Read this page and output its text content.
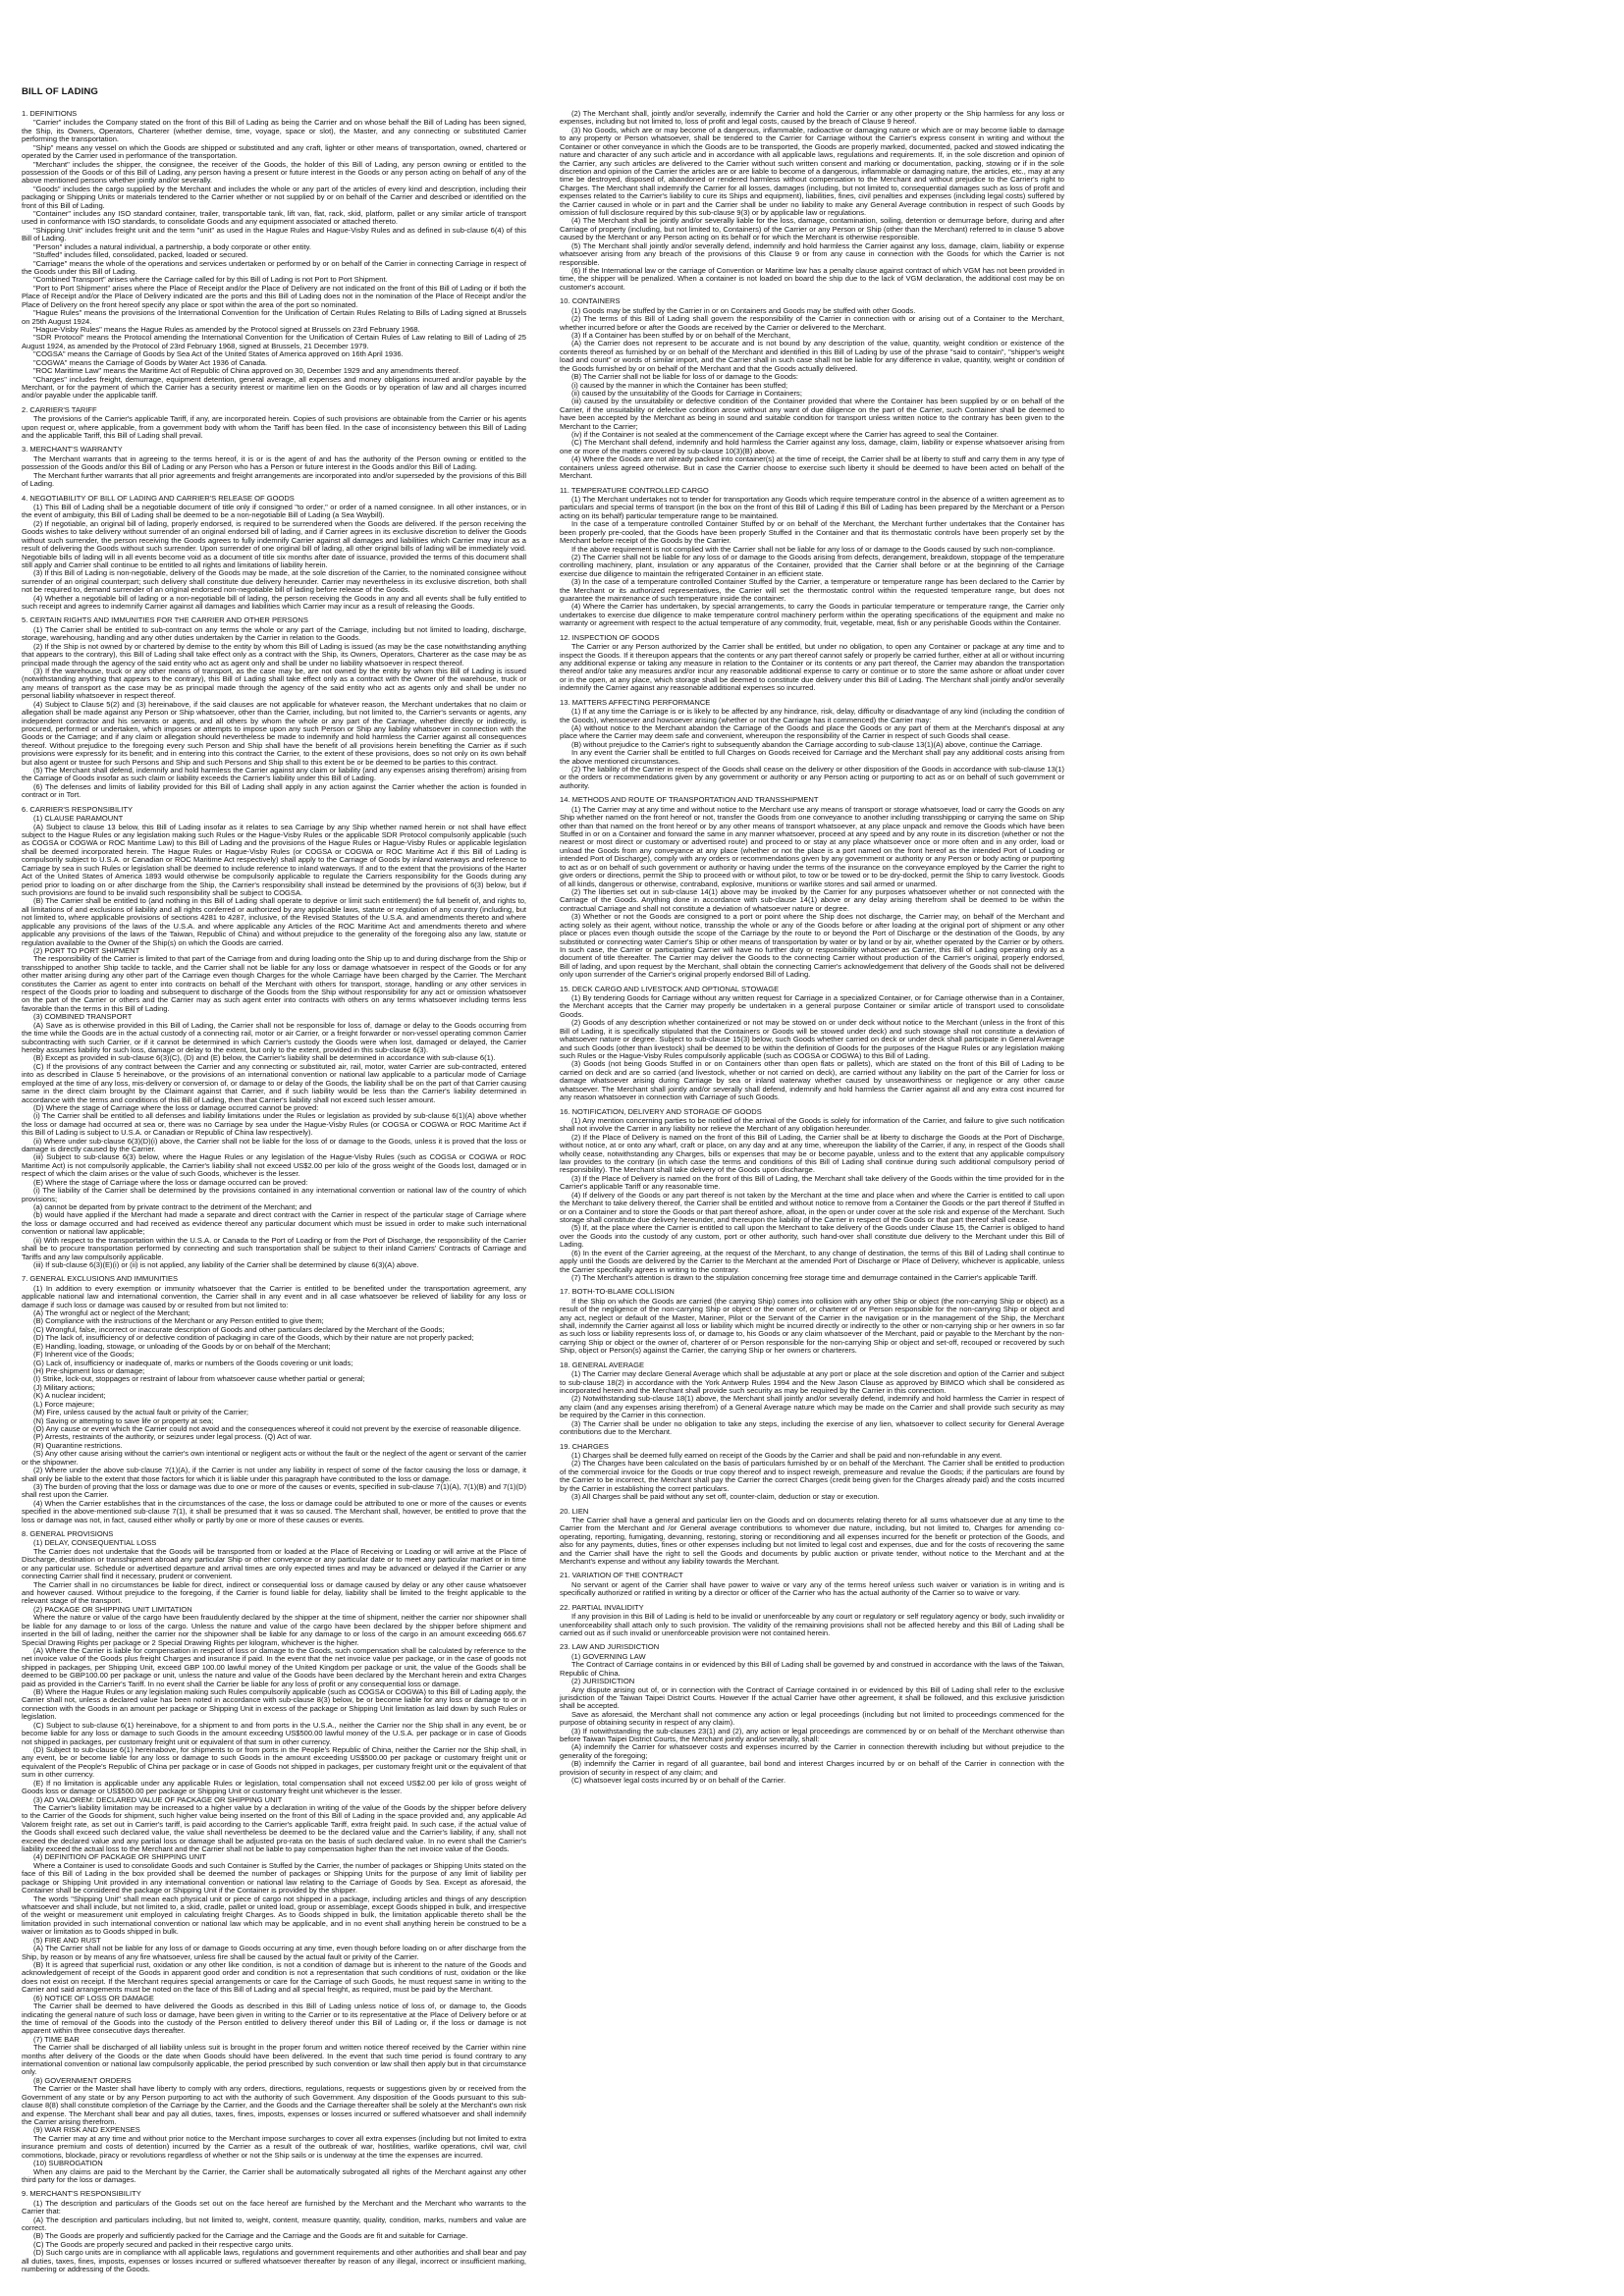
BILL OF LADING
1. DEFINITIONS

"Carrier" includes the Company stated on the front of this Bill of Lading as being the Carrier and on whose behalf the Bill of Lading has been signed, the Ship, its Owners, Operators, Charterer (whether demise, time, voyage, space or slot), the Master, and any connecting or substituted Carrier performing the transportation.

"Ship" means any vessel on which the Goods are shipped or substituted and any craft, lighter or other means of transportation, owned, chartered or operated by the Carrier used in performance of the transportation.

"Merchant" includes the shipper, the consignee, the receiver of the Goods, the holder of this Bill of Lading, any person owning or entitled to the possession of the Goods or of this Bill of Lading, any person having a present or future interest in the Goods or any person acting on behalf of any of the above mentioned persons whether jointly and/or severally.

"Goods" includes the cargo supplied by the Merchant and includes the whole or any part of the articles of every kind and description, including their packaging or Shipping Units or materials tendered to the Carrier whether or not supplied by or on behalf of the Carrier and described or identified on the front of this Bill of Lading.

"Container" includes any ISO standard container, trailer, transportable tank, lift van, flat, rack, skid, platform, pallet or any similar article of transport used in conformance with ISO standards, to consolidate Goods and any equipment associated or attached thereto.

"Shipping Unit" includes freight unit and the term "unit" as used in the Hague Rules and Hague-Visby Rules and as defined in sub-clause 6(4) of this Bill of Lading.

"Person" includes a natural individual, a partnership, a body corporate or other entity.

"Stuffed" includes filled, consolidated, packed, loaded or secured.

"Carriage" means the whole of the operations and services undertaken or performed by or on behalf of the Carrier in connecting Carriage in respect of the Goods under this Bill of Lading.

"Combined Transport" arises where the Carriage called for by this Bill of Lading is not Port to Port Shipment.

"Port to Port Shipment" arises where the Place of Receipt and/or the Place of Delivery are not indicated on the front of this Bill of Lading or if both the Place of Receipt and/or the Place of Delivery indicated are the ports and this Bill of Lading does not in the nomination of the Place of Receipt and/or the Place of Delivery on the front hereof specify any place or spot within the area of the port so nominated.

"Hague Rules" means the provisions of the International Convention for the Unification of Certain Rules Relating to Bills of Lading signed at Brussels on 25th August 1924.

"Hague-Visby Rules" means the Hague Rules as amended by the Protocol signed at Brussels on 23rd February 1968.

"SDR Protocol" means the Protocol amending the International Convention for the Unification of Certain Rules of Law relating to Bill of Lading of 25 August 1924, as amended by the Protocol of 23rd February 1968, signed at Brussels, 21 December 1979.

"COGSA" means the Carriage of Goods by Sea Act of the United States of America approved on 16th April 1936.

"COGWA" means the Carriage of Goods by Water Act 1936 of Canada.

"ROC Maritime Law" means the Maritime Act of Republic of China approved on 30, December 1929 and any amendments thereof.

"Charges" includes freight, demurrage, equipment detention, general average, all expenses and money obligations incurred and/or payable by the Merchant, or for the payment of which the Carrier has a security interest or maritime lien on the Goods or by operation of law and all charges incurred and/or payable under the applicable tariff.

2. CARRIER'S TARIFF

The provisions of the Carrier's applicable Tariff, if any, are incorporated herein. Copies of such provisions are obtainable from the Carrier or his agents upon request or, where applicable, from a government body with whom the Tariff has been filed. In the case of inconsistency between this Bill of Lading and the applicable Tariff, this Bill of Lading shall prevail.

3. MERCHANT'S WARRANTY

The Merchant warrants that in agreeing to the terms hereof, it is or is the agent of and has the authority of the Person owning or entitled to the possession of the Goods and/or this Bill of Lading or any Person who has a Person or future interest in the Goods and/or this Bill of Lading.

The Merchant further warrants that all prior agreements and freight arrangements are incorporated into and/or superseded by the provisions of this Bill of Lading.

4. NEGOTIABILITY OF BILL OF LADING AND CARRIER'S RELEASE OF GOODS

(1) This Bill of Lading shall be a negotiable document of title only if consigned "to order," or order of a named consignee. In all other instances, or in the event of ambiguity, this Bill of Lading shall be deemed to be a non-negotiable Bill of Lading (a Sea Waybill).

(2) If negotiable, an original bill of lading, properly endorsed, is required to be surrendered when the Goods are delivered. If the person receiving the Goods wishes to take delivery without surrender of an original endorsed bill of lading, and if Carrier agrees in its exclusive discretion to deliver the Goods without such surrender, the person receiving the Goods agrees to fully indemnify Carrier against all damages and liabilities which Carrier may incur as a result of delivering the Goods without such surrender. Upon surrender of one original bill of lading, all other original bills of lading will be immediately void. Negotiable bills of lading will in all events become void as a document of title six months after date of issuance, provided the terms of this document shall still apply and Carrier shall continue to be entitled to all rights and limitations of liability herein.

(3) If this Bill of Lading is non-negotiable, delivery of the Goods may be made, at the sole discretion of the Carrier, to the nominated consignee without surrender of an original counterpart; such delivery shall constitute due delivery hereunder. Carrier may nevertheless in its exclusive discretion, both shall not be required to, demand surrender of an original endorsed non-negotiable bill of lading before release of the Goods.

(4) Whether a negotiable bill of lading or a non-negotiable bill of lading, the person receiving the Goods in any and all events shall be fully entitled to such receipt and agrees to indemnify Carrier against all damages and liabilities which Carrier may incur as a result of releasing the Goods.

5. CERTAIN RIGHTS AND IMMUNITIES FOR THE CARRIER AND OTHER PERSONS

(1) The Carrier shall be entitled to sub-contract on any terms the whole or any part of the Carriage, including but not limited to loading, discharge, storage, warehousing, handling and any other duties undertaken by the Carrier in relation to the Goods.

(2) If the Ship is not owned by or chartered by demise to the entity by whom this Bill of Lading is issued (as may be the case notwithstanding anything that appears to the contrary), this Bill of Lading shall take effect only as a contract with the Ship, its Owners, Operators, Charterer as the case may be as principal made through the agency of the said entity who act as agent only and shall be under no liability whatsoever in respect thereof.

(3) If the warehouse, truck or any other means of transport, as the case may be, are not owned by the entity by whom this Bill of Lading is issued (notwithstanding anything that appears to the contrary), this Bill of Lading shall take effect only as a contract with the Owner of the warehouse, truck or any means of transport as the case may be as principal made through the agency of the said entity who act as agents only and shall be under no personal liability whatsoever in respect thereof.

(4) Subject to Clause 5(2) and (3) hereinabove, if the said clauses are not applicable for whatever reason, the Merchant undertakes that no claim or allegation shall be made against any Person or Ship whatsoever, other than the Carrier, including, but not limited to, the Carrier's servants or agents, any independent contractor and his servants or agents, and all others by whom the whole or any part of the Carriage, whether directly or indirectly, is procured, performed or undertaken, which imposes or attempts to impose upon any such Person or Ship any liability whatsoever in connection with the Goods or the Carriage; and if any claim or allegation should nevertheless be made to indemnify and hold harmless the Carrier against all consequences thereof. Without prejudice to the foregoing every such Person and Ship shall have the benefit of all provisions herein benefiting the Carrier as if such provisions were expressly for its benefit; and in entering into this contract the Carrier, to the extent of these provisions, does so not only on its own behalf but also agent or trustee for such Persons and Ship and such Persons and Ship shall to this extent be or be deemed to be parties to this contract.

(5) The Merchant shall defend, indemnify and hold harmless the Carrier against any claim or liability (and any expenses arising therefrom) arising from the Carriage of Goods insofar as such claim or liability exceeds the Carrier's liability under this Bill of Lading.

(6) The defenses and limits of liability provided for this Bill of Lading shall apply in any action against the Carrier whether the action is founded in contract or in Tort.

6. CARRIER'S RESPONSIBILITY

(1) CLAUSE PARAMOUNT

(A) Subject to clause 13 below, this Bill of Lading insofar as it relates to sea Carriage by any Ship whether named herein or not shall have effect subject to the Hague Rules or any legislation making such Rules or the Hague-Visby Rules or the applicable SDR Protocol compulsorily applicable (such as COGSA or COGWA or ROC Maritime Law) to this Bill of Lading and the provisions of the Hague Rules or Hague-Visby Rules or applicable legislation shall be deemed incorporated herein. The Hague Rules or Hague-Visby Rules (or COGSA or COGWA or ROC Maritime Act if this Bill of Lading is compulsorily subject to U.S.A. or Canadian or ROC Maritime Act respectively) shall apply to the Carriage of Goods by inland waterways and reference to Carriage by sea in such Rules or legislation shall be deemed to include reference to inland waterways. If and to the extent that the provisions of the Harter Act of the United States of America 1893 would otherwise be compulsorily applicable to regulate the Carriers responsibility for the Goods during any period prior to loading on or after discharge from the Ship, the Carrier's responsibility shall instead be determined by the provisions of 6(3) below, but if such provisions are found to be invalid such responsibility shall be subject to COGSA.

(B) The Carrier shall be entitled to (and nothing in this Bill of Lading shall operate to deprive or limit such entitlement) the full benefit of, and rights to, all limitations of and exclusions of liability and all rights conferred or authorized by any applicable laws, statute or regulation of any country (including, but not limited to, where applicable provisions of sections 4281 to 4287, inclusive, of the Revised Statutes of the U.S.A. and amendments thereto and where applicable any provisions of the laws of the U.S.A. and where applicable any Articles of the ROC Maritime Act and amendments thereto and where applicable any provisions of the laws of the Taiwan, Republic of China) and without prejudice to the generality of the foregoing also any law, statute or regulation available to the Owner of the Ship(s) on which the Goods are carried.

(2) PORT TO PORT SHIPMENT

The responsibility of the Carrier is limited to that part of the Carriage from and during loading onto the Ship up to and during discharge from the Ship or transshipped to another Ship tackle to tackle, and the Carrier shall not be liable for any loss or damage whatsoever in respect of the Goods or for any other matter arising during any other part of the Carriage even though Charges for the whole Carriage have been charged by the Carrier. The Merchant constitutes the Carrier as agent to enter into contracts on behalf of the Merchant with others for transport, storage, handling or any other services in respect of the Goods prior to loading and subsequent to discharge of the Goods from the Ship without responsibility for any act or omission whatsoever on the part of the Carrier or others and the Carrier may as such agent enter into contracts with others on any terms whatsoever including terms less favorable than the terms in this Bill of Lading.

(3) COMBINED TRANSPORT

(A) Save as is otherwise provided in this Bill of Lading, the Carrier shall not be responsible for loss of, damage or delay to the Goods occurring from the time while the Goods are in the actual custody of a connecting rail, motor or air Carrier, or a freight forwarder or non-vessel operating common Carrier subcontracting with such Carrier, or if it cannot be determined in which Carrier's custody the Goods were when lost, damaged or delayed, the Carrier hereby assumes liability for such loss, damage or delay to the extent, but only to the extent, provided in this sub-clause 6(3).

(B) Except as provided in sub-clause 6(3)(C), (D) and (E) below, the Carrier's liability shall be determined in accordance with sub-clause 6(1).

(C) If the provisions of any contract between the Carrier and any connecting or substituted air, rail, motor, water Carrier are sub-contracted, entered into as described in Clause 5 hereinabove, or the provisions of an international convention or national law applicable to a particular mode of Carriage employed at the time of any loss, mis-delivery or conversion of, or damage to or delay of the Goods, the liability shall be on the part of that Carrier causing same in the direct claim brought by the Claimant against that Carrier, and if such liability would be less than the Carrier's liability determined in accordance with the terms and conditions of this Bill of Lading, then that Carrier's liability shall not exceed such lesser amount.

(D) Where the stage of Carriage where the loss or damage occurred cannot be proved:

(i) The Carrier shall be entitled to all defenses and liability limitations under the Rules or legislation as provided by sub-clause 6(1)(A) above whether the loss or damage had occurred at sea or, there was no Carriage by sea under the Hague-Visby Rules (or COGSA or COGWA or ROC Maritime Act if this Bill of Lading is subject to U.S.A. or Canadian or Republic of China law respectively).

(ii) Where under sub-clause 6(3)(D)(i) above, the Carrier shall not be liable for the loss of or damage to the Goods, unless it is proved that the loss or damage is directly caused by the Carrier.

(iii) Subject to sub-clause 6(3) below, where the Hague Rules or any legislation of the Hague-Visby Rules (such as COGSA or COGWA or ROC Maritime Act) is not compulsorily applicable, the Carrier's liability shall not exceed US$2.00 per kilo of the gross weight of the Goods lost, damaged or in respect of which the claim arises or the value of such Goods, whichever is the lesser.

(E) Where the stage of Carriage where the loss or damage occurred can be proved:

(i) The liability of the Carrier shall be determined by the provisions contained in any international convention or national law of the country of which provisions;

(a) cannot be departed from by private contract to the detriment of the Merchant; and

(b) would have applied if the Merchant had made a separate and direct contract with the Carrier in respect of the particular stage of Carriage where the loss or damage occurred and had received as evidence thereof any particular document which must be issued in order to make such international convention or national law applicable;

(ii) With respect to the transportation within the U.S.A. or Canada to the Port of Loading or from the Port of Discharge, the responsibility of the Carrier shall be to procure transportation performed by connecting and such transportation shall be subject to their inland Carriers' Contracts of Carriage and Tariffs and any law compulsorily applicable.

(iii) If sub-clause 6(3)(E)(i) or (ii) is not applied, any liability of the Carrier shall be determined by clause 6(3)(A) above.

7. GENERAL EXCLUSIONS AND IMMUNITIES

(1) In addition to every exemption or immunity whatsoever that the Carrier is entitled to be benefited under the transportation agreement, any applicable national law and international convention, the Carrier shall in any event and in all case whatsoever be relieved of liability for any loss or damage if such loss or damage was caused by or resulted from but not limited to:

(A) The wrongful act or neglect of the Merchant;

(B) Compliance with the instructions of the Merchant or any Person entitled to give them;

(C) Wrongful, false, incorrect or inaccurate description of Goods and other particulars declared by the Merchant of the Goods;

(D) The lack of, insufficiency of or defective condition of packaging in care of the Goods, which by their nature are not properly packed;

(E) Handling, loading, stowage, or unloading of the Goods by or on behalf of the Merchant;

(F) Inherent vice of the Goods;

(G) Lack of, insufficiency or inadequate of, marks or numbers of the Goods covering or unit loads;

(H) Pre-shipment loss or damage;

(I) Strike, lock-out, stoppages or restraint of labour from whatsoever cause whether partial or general;

(J) Military actions;

(K) A nuclear incident;

(L) Force majeure;

(M) Fire, unless caused by the actual fault or privity of the Carrier;

(N) Saving or attempting to save life or property at sea;

(O) Any cause or event which the Carrier could not avoid and the consequences whereof it could not prevent by the exercise of reasonable diligence.

(P) Arrests, restraints of the authority, or seizures under legal process. (Q) Act of war.

(R) Quarantine restrictions.

(S) Any other cause arising without the carrier's own intentional or negligent acts or without the fault or the neglect of the agent or servant of the carrier or the shipowner.

(2) Where under the above sub-clause 7(1)(A), if the Carrier is not under any liability in respect of some of the factor causing the loss or damage, it shall only be liable to the extent that those factors for which it is liable under this paragraph have contributed to the loss or damage.

(3) The burden of proving that the loss or damage was due to one or more of the causes or events, specified in sub-clause 7(1)(A), 7(1)(B) and 7(1)(D) shall rest upon the Carrier.

(4) When the Carrier establishes that in the circumstances of the case, the loss or damage could be attributed to one or more of the causes or events specified in the above-mentioned sub-clause 7(1), it shall be presumed that it was so caused. The Merchant shall, however, be entitled to prove that the loss or damage was not, in fact, caused either wholly or partly by one or more of these causes or events.

8. GENERAL PROVISIONS

(1) DELAY, CONSEQUENTIAL LOSS

The Carrier does not undertake that the Goods will be transported from or loaded at the Place of Receiving or Loading or will arrive at the Place of Discharge, destination or transshipment abroad any particular Ship or other conveyance or any particular date or to meet any particular market or in time or any particular use. Schedule or advertised departure and arrival times are only expected times and may be advanced or delayed if the Carrier or any connecting Carrier shall find it necessary, prudent or convenient.

The Carrier shall in no circumstances be liable for direct, indirect or consequential loss or damage caused by delay or any other cause whatsoever and however caused. Without prejudice to the foregoing, if the Carrier is found liable for delay, liability shall be limited to the freight applicable to the relevant stage of the transport.

(2) PACKAGE OR SHIPPING UNIT LIMITATION

Where the nature or value of the cargo have been fraudulently declared by the shipper at the time of shipment, neither the carrier nor shipowner shall be liable for any damage to or loss of the cargo. Unless the nature and value of the cargo have been declared by the shipper before shipment and inserted in the bill of lading, neither the carrier nor the shipowner shall be liable for any damage to or loss of the cargo in an amount exceeding 666.67 Special Drawing Rights per package or 2 Special Drawing Rights per kilogram, whichever is the higher.

(A) Where the Carrier is liable for compensation in respect of loss or damage to the Goods, such compensation shall be calculated by reference to the net invoice value of the Goods plus freight Charges and insurance if paid. In the event that the net invoice value per package, or in the case of goods not shipped in packages, per Shipping Unit, exceed GBP 100.00 lawful money of the United Kingdom per package or unit, the value of the Goods shall be deemed to be GBP100.00 per package or unit, unless the nature and value of the Goods have been declared by the Merchant herein and extra Charges paid as provided in the Carrier's Tariff. In no event shall the Carrier be liable for any loss of profit or any consequential loss or damage.

(B) Where the Hague Rules or any legislation making such Rules compulsorily applicable (such as COGSA or COGWA) to this Bill of Lading apply, the Carrier shall not, unless a declared value has been noted in accordance with sub-clause 8(3) below, be or become liable for any loss or damage to or in connection with the Goods in an amount per package or Shipping Unit in excess of the package or Shipping Unit limitation as laid down by such Rules or legislation.

(C) Subject to sub-clause 6(1) hereinabove, for a shipment to and from ports in the U.S.A., neither the Carrier nor the Ship shall in any event, be or become liable for any loss or damage to such Goods in the amount exceeding US$500.00 lawful money of the U.S.A. per package or in case of Goods not shipped in packages, per customary freight unit or equivalent of that sum in other currency.

(D) Subject to sub-clause 6(1) hereinabove, for shipments to or from ports in the People's Republic of China, neither the Carrier nor the Ship shall, in any event, be or become liable for any loss or damage to such Goods in the amount exceeding US$500.00 per package or customary freight unit or equivalent of the People's Republic of China per package or in case of Goods not shipped in packages, per customary freight unit or the equivalent of that sum in other currency.

(E) If no limitation is applicable under any applicable Rules or legislation, total compensation shall not exceed US$2.00 per kilo of gross weight of Goods loss or damage or US$500.00 per package or Shipping Unit or customary freight unit whichever is the lesser.

(3) AD VALOREM: DECLARED VALUE OF PACKAGE OR SHIPPING UNIT

The Carrier's liability limitation may be increased to a higher value by a declaration in writing of the value of the Goods by the shipper before delivery to the Carrier of the Goods for shipment, such higher value being inserted on the front of this Bill of Lading in the space provided and, any applicable Ad Valorem freight rate, as set out in Carrier's tariff, is paid according to the Carrier's applicable Tariff, extra freight paid. In such case, if the actual value of the Goods shall exceed such declared value, the value shall nevertheless be deemed to be the declared value and the Carrier's liability, if any, shall not exceed the declared value and any partial loss or damage shall be adjusted pro-rata on the basis of such declared value. In no event shall the Carrier's liability exceed the actual loss to the Merchant and the Carrier shall not be liable to pay compensation higher than the net invoice value of the Goods.

(4) DEFINITION OF PACKAGE OR SHIPPING UNIT

Where a Container is used to consolidate Goods and such Container is Stuffed by the Carrier, the number of packages or Shipping Units stated on the face of this Bill of Lading in the box provided shall be deemed the number of packages or Shipping Units for the purpose of any limit of liability per package or Shipping Unit provided in any international convention or national law relating to the Carriage of Goods by Sea. Except as aforesaid, the Container shall be considered the package or Shipping Unit if the Container is provided by the shipper.

The words "Shipping Unit" shall mean each physical unit or piece of cargo not shipped in a package, including articles and things of any description whatsoever and shall include, but not limited to, a skid, cradle, pallet or united load, group or assemblage, except Goods shipped in bulk, and irrespective of the weight or measurement unit employed in calculating freight Charges. As to Goods shipped in bulk, the limitation applicable thereto shall be the limitation provided in such international convention or national law which may be applicable, and in no event shall anything herein be construed to be a waiver or limitation as to Goods shipped in bulk.

(5) FIRE AND RUST

(A) The Carrier shall not be liable for any loss of or damage to Goods occurring at any time, even though before loading on or after discharge from the Ship, by reason or by means of any fire whatsoever, unless fire shall be caused by the actual fault or privity of the Carrier.

(B) It is agreed that superficial rust, oxidation or any other like condition, is not a condition of damage but is inherent to the nature of the Goods and acknowledgement of receipt of the Goods in apparent good order and condition is not a representation that such conditions of rust, oxidation or the like does not exist on receipt. If the Merchant requires special arrangements or care for the Carriage of such Goods, he must request same in writing to the Carrier and said arrangements must be noted on the face of this Bill of Lading and all special freight, as required, must be paid by the Merchant.

(6) NOTICE OF LOSS OR DAMAGE

The Carrier shall be deemed to have delivered the Goods as described in this Bill of Lading unless notice of loss of, or damage to, the Goods indicating the general nature of such loss or damage, have been given in writing to the Carrier or to its representative at the Place of Delivery before or at the time of removal of the Goods into the custody of the Person entitled to delivery thereof under this Bill of Lading or, if the loss or damage is not apparent within three consecutive days thereafter.

(7) TIME BAR

The Carrier shall be discharged of all liability unless suit is brought in the proper forum and written notice thereof received by the Carrier within nine months after delivery of the Goods or the date when Goods should have been delivered. In the event that such time period is found contrary to any international convention or national law compulsorily applicable, the period prescribed by such convention or law shall then apply but in that circumstance only.

(8) GOVERNMENT ORDERS

The Carrier or the Master shall have liberty to comply with any orders, directions, regulations, requests or suggestions given by or received from the Government of any state or by any Person purporting to act with the authority of such Government. Any disposition of the Goods pursuant to this sub-clause 8(8) shall constitute completion of the Carriage by the Carrier, and the Goods and the Carriage thereafter shall be solely at the Merchant's own risk and expense. The Merchant shall bear and pay all duties, taxes, fines, imposts, expenses or losses incurred or suffered whatsoever and shall indemnify the Carrier arising therefrom.

(9) WAR RISK AND EXPENSES

The Carrier may at any time and without prior notice to the Merchant impose surcharges to cover all extra expenses (including but not limited to extra insurance premium and costs of detention) incurred by the Carrier as a result of the outbreak of war, hostilities, warlike operations, civil war, civil commotions, blockade, piracy or revolutions regardless of whether or not the Ship sails or is underway at the time the expenses are incurred.

(10) SUBROGATION

When any claims are paid to the Merchant by the Carrier, the Carrier shall be automatically subrogated all rights of the Merchant against any other third party for the loss or damages.

9. MERCHANT'S RESPONSIBILITY

(1) The description and particulars of the Goods set out on the face hereof are furnished by the Merchant and the Merchant who warrants to the Carrier that:

(A) The description and particulars including, but not limited to, weight, content, measure quantity, quality, condition, marks, numbers and value are correct.

(B) The Goods are properly and sufficiently packed for the Carriage and the Carriage and the Goods are fit and suitable for Carriage.

(C) The Goods are properly secured and packed in their respective cargo units.

(D) Such cargo units are in compliance with all applicable laws, regulations and government requirements and other authorities and shall bear and pay all duties, taxes, fines, imposts, expenses or losses incurred or suffered whatsoever thereafter by reason of any illegal, incorrect or insufficient marking, numbering or addressing of the Goods.

(2) The Merchant shall, jointly and/or severally, indemnify the Carrier and hold the Carrier or any other property or the Ship harmless for any loss or expenses, including but not limited to, loss of profit and legal costs, caused by the breach of Clause 9 hereof.

(3) No Goods, which are or may become of a dangerous, inflammable, radioactive or damaging nature or which are or may become liable to damage to any property or Person whatsoever, shall be tendered to the Carrier for Carriage without the Carrier's express consent in writing and without the Container or other conveyance in which the Goods are to be transported, the Goods are properly marked, documented, packed and stowed indicating the nature and character of any such article and in accordance with all applicable laws, regulations and requirements. If, in the sole discretion and opinion of the Carrier, any such articles are delivered to the Carrier without such written consent and marking or documentation, packing, stowing or if in the sole discretion and opinion of the Carrier the articles are or are liable to become of a dangerous, inflammable or damaging nature, the articles, etc., may at any time be destroyed, disposed of, abandoned or rendered harmless without compensation to the Merchant and without prejudice to the Carrier's right to Charges. The Merchant shall indemnify the Carrier for all losses, damages (including, but not limited to, consequential damages such as loss of profit and expenses related to the Carrier's liability to cure its Ships and equipment), liabilities, fines, civil penalties and expenses (including legal costs) suffered by the Carrier caused in whole or in part and the Carrier shall be under no liability to make any General Average contribution in respect of such Goods by omission of full disclosure required by this sub-clause 9(3) or by applicable law or regulations.

(4) The Merchant shall be jointly and/or severally liable for the loss, damage, contamination, soiling, detention or demurrage before, during and after Carriage of property (including, but not limited to, Containers) of the Carrier or any Person or Ship (other than the Merchant) referred to in clause 5 above caused by the Merchant or any Person acting on its behalf or for which the Merchant is otherwise responsible.

(5) The Merchant shall jointly and/or severally defend, indemnify and hold harmless the Carrier against any loss, damage, claim, liability or expense whatsoever arising from any breach of the provisions of this Clause 9 or from any cause in connection with the Goods for which the Carrier is not responsible.

(6) If the International law or the carriage of Convention or Maritime law has a penalty clause against contract of which VGM has not been provided in time, the shipper will be penalized. When a container is not loaded on board the ship due to the lack of VGM declaration, the additional cost may be on customer's account.

10. CONTAINERS

(1) Goods may be stuffed by the Carrier in or on Containers and Goods may be stuffed with other Goods.

(2) The terms of this Bill of Lading shall govern the responsibility of the Carrier in connection with or arising out of a Container to the Merchant, whether incurred before or after the Goods are received by the Carrier or delivered to the Merchant.

(3) If a Container has been stuffed by or on behalf of the Merchant,

(A) the Carrier does not represent to be accurate and is not bound by any description of the value, quantity, weight condition or existence of the contents thereof as furnished by or on behalf of the Merchant and identified in this Bill of Lading by use of the phrase "said to contain", "shipper's weight load and count" or words of similar import, and the Carrier shall in such case shall not be liable for any difference in value, quantity, weight or condition of the Goods furnished by or on behalf of the Merchant and that the Goods actually delivered.

(B) The Carrier shall not be liable for loss of or damage to the Goods:

(i) caused by the manner in which the Container has been stuffed;

(ii) caused by the unsuitability of the Goods for Carriage in Containers;

(iii) caused by the unsuitability or defective condition of the Container provided that where the Container has been supplied by or on behalf of the Carrier, if the unsuitability or defective condition arose without any want of due diligence on the part of the Carrier, such Container shall be deemed to have been accepted by the Merchant as being in sound and suitable condition for transport unless written notice to the contrary has been given to the Merchant to the Carrier;

(iv) if the Container is not sealed at the commencement of the Carriage except where the Carrier has agreed to seal the Container.

(C) The Merchant shall defend, indemnify and hold harmless the Carrier against any loss, damage, claim, liability or expense whatsoever arising from one or more of the matters covered by sub-clause 10(3)(B) above.

(4) Where the Goods are not already packed into container(s) at the time of receipt, the Carrier shall be at liberty to stuff and carry them in any type of containers unless agreed otherwise. But in case the Carrier choose to exercise such liberty it should be deemed to have been acted on behalf of the Merchant.

11. TEMPERATURE CONTROLLED CARGO

(1) The Merchant undertakes not to tender for transportation any Goods which require temperature control in the absence of a written agreement as to particulars and special terms of transport (in the box on the front of this Bill of Lading if this Bill of Lading has been prepared by the Merchant or a Person acting on its behalf) particular temperature range to be maintained.

In the case of a temperature controlled Container Stuffed by or on behalf of the Merchant, the Merchant further undertakes that the Container has been properly pre-cooled, that the Goods have been properly Stuffed in the Container and that its thermostatic controls have been properly set by the Merchant before receipt of the Goods by the Carrier.

If the above requirement is not complied with the Carrier shall not be liable for any loss of or damage to the Goods caused by such non-compliance.

(2) The Carrier shall not be liable for any loss of or damage to the Goods arising from defects, derangement, breakdown, stoppage of the temperature controlling machinery, plant, insulation or any apparatus of the Container, provided that the Carrier shall before or at the beginning of the Carriage exercise due diligence to maintain the refrigerated Container in an efficient state.

(3) In the case of a temperature controlled Container Stuffed by the Carrier, a temperature or temperature range has been declared to the Carrier by the Merchant or its authorized representatives, the Carrier will set the thermostatic control within the requested temperature range, but does not guarantee the maintenance of such temperature inside the container.

(4) Where the Carrier has undertaken, by special arrangements, to carry the Goods in particular temperature or temperature range, the Carrier only undertakes to exercise due diligence to make temperature control machinery perform within the operating specifications of the equipment and make no warranty or agreement with respect to the actual temperature of any commodity, fruit, vegetable, meat, fish or any perishable Goods within the Container.

12. INSPECTION OF GOODS

The Carrier or any Person authorized by the Carrier shall be entitled, but under no obligation, to open any Container or package at any time and to inspect the Goods. If it thereupon appears that the contents or any part thereof cannot safely or properly be carried further, either at all or without incurring any additional expense or taking any measure in relation to the Container or its contents or any part thereof, the Carrier may abandon the transportation thereof and/or take any measures and/or incur any reasonable additional expense to carry or continue or to store the same ashore or afloat under cover or in the open, at any place, which storage shall be deemed to constitute due delivery under this Bill of Lading. The Merchant shall jointly and/or severally indemnify the Carrier against any reasonable additional expenses so incurred.

13. MATTERS AFFECTING PERFORMANCE

(1) If at any time the Carriage is or is likely to be affected by any hindrance, risk, delay, difficulty or disadvantage of any kind (including the condition of the Goods), whensoever and howsoever arising (whether or not the Carriage has it commenced) the Carrier may:

(A) without notice to the Merchant abandon the Carriage of the Goods and place the Goods or any part of them at the Merchant's disposal at any place where the Carrier may deem safe and convenient, whereupon the responsibility of the Carrier in respect of such Goods shall cease.

(B) without prejudice to the Carrier's right to subsequently abandon the Carriage according to sub-clause 13(1)(A) above, continue the Carriage.

In any event the Carrier shall be entitled to full Charges on Goods received for Carriage and the Merchant shall pay any additional costs arising from the above mentioned circumstances.

(2) The liability of the Carrier in respect of the Goods shall cease on the delivery or other disposition of the Goods in accordance with sub-clause 13(1) or the orders or recommendations given by any government or authority or any Person acting or purporting to act as or on behalf of such government or authority.

14. METHODS AND ROUTE OF TRANSPORTATION AND TRANSSHIPMENT

(1) The Carrier may at any time and without notice to the Merchant use any means of transport or storage whatsoever, load or carry the Goods on any Ship whether named on the front hereof or not, transfer the Goods from one conveyance to another including transshipping or carrying the same on Ship other than that named on the front hereof or by any other means of transport whatsoever, at any place unpack and remove the Goods which have been Stuffed in or on a Container and forward the same in any manner whatsoever, proceed at any speed and by any route in its discretion (whether or not the nearest or most direct or customary or advertised route) and proceed to or stay at any place whatsoever once or more often and in any order, load or unload the Goods from any conveyance at any place (whether or not the place is a port named on the front hereof as the intended Port of Loading or intended Port of Discharge), comply with any orders or recommendations given by any government or authority or any Person or body acting or purporting to act as or on behalf of such government or authority or having under the terms of the insurance on the conveyance employed by the Carrier the right to give orders or directions, permit the Ship to proceed with or without pilot, to tow or be towed or to be dry-docked, permit the Ship to carry livestock. Goods of all kinds, dangerous or otherwise, contraband, explosive, munitions or warlike stores and sail armed or unarmed.

(2) The liberties set out in sub-clause 14(1) above may be invoked by the Carrier for any purposes whatsoever whether or not connected with the Carriage of the Goods. Anything done in accordance with sub-clause 14(1) above or any delay arising therefrom shall be deemed to be within the contractual Carriage and shall not constitute a deviation of whatsoever nature or degree.

(3) Whether or not the Goods are consigned to a port or point where the Ship does not discharge, the Carrier may, on behalf of the Merchant and acting solely as their agent, without notice, transship the whole or any of the Goods before or after loading at the original port of shipment or any other place or places even though outside the scope of the Carriage by the route to or beyond the Port of Discharge or the destination of the Goods, by any substituted or connecting water Carrier's Ship or other means of transportation by water or by land or by air, whether operated by the Carrier or by others. In such case, the Carrier or participating Carrier will have no further duty or responsibility whatsoever as Carrier, this Bill of Lading operating only as a document of title thereafter. The Carrier may deliver the Goods to the connecting Carrier without production of the Carrier's original, properly endorsed, Bill of lading, and upon request by the Merchant, shall obtain the connecting Carrier's acknowledgement that delivery of the Goods shall not be delivered only upon surrender of the Carrier's original properly endorsed Bill of Lading.

15. DECK CARGO AND LIVESTOCK AND OPTIONAL STOWAGE

(1) By tendering Goods for Carriage without any written request for Carriage in a specialized Container, or for Carriage otherwise than in a Container, the Merchant accepts that the Carrier may properly be undertaken in a general purpose Container or similar article of transport used to consolidate Goods.

(2) Goods of any description whether containerized or not may be stowed on or under deck without notice to the Merchant (unless in the front of this Bill of Lading, it is specifically stipulated that the Containers or Goods will be stowed under deck) and such stowage shall not constitute a deviation of whatsoever nature or degree. Subject to sub-clause 15(3) below, such Goods whether carried on deck or under deck shall participate in General Average and such Goods (other than livestock) shall be deemed to be within the definition of Goods for the purposes of the Hague Rules or any legislation making such Rules or the Hague-Visby Rules compulsorily applicable (such as COGSA or COGWA) to this Bill of Lading.

(3) Goods (not being Goods Stuffed in or on Containers other than open flats or pallets), which are stated on the front of this Bill of Lading to be carried on deck and are so carried (and livestock, whether or not carried on deck), are carried without any liability on the part of the Carrier for loss or damage whatsoever arising during Carriage by sea or inland waterway whether caused by unseaworthiness or negligence or any other cause whatsoever. The Merchant shall jointly and/or severally shall defend, indemnify and hold harmless the Carrier against all and any extra cost incurred for any reason whatsoever in connection with Carriage of such Goods.

16. NOTIFICATION, DELIVERY AND STORAGE OF GOODS

(1) Any mention concerning parties to be notified of the arrival of the Goods is solely for information of the Carrier, and failure to give such notification shall not involve the Carrier in any liability nor relieve the Merchant of any obligation hereunder.

(2) If the Place of Delivery is named on the front of this Bill of Lading, the Carrier shall be at liberty to discharge the Goods at the Port of Discharge, without notice, at or onto any wharf, craft or place, on any day and at any time, whereupon the liability of the Carrier, if any, in respect of the Goods shall wholly cease, notwithstanding any Charges, bills or expenses that may be or become payable, unless and to the extent that any applicable compulsory law provides to the contrary (in which case the terms and conditions of this Bill of Lading shall continue during such additional compulsory period of responsibility). The Merchant shall take delivery of the Goods upon discharge.

(3) If the Place of Delivery is named on the front of this Bill of Lading, the Merchant shall take delivery of the Goods within the time provided for in the Carrier's applicable Tariff or any reasonable time.

(4) If delivery of the Goods or any part thereof is not taken by the Merchant at the time and place when and where the Carrier is entitled to call upon the Merchant to take delivery thereof, the Carrier shall be entitled and without notice to remove from a Container the Goods or the part thereof if Stuffed in or on a Container and to store the Goods or that part thereof ashore, afloat, in the open or under cover at the sole risk and expense of the Merchant. Such storage shall constitute due delivery hereunder, and thereupon the liability of the Carrier in respect of the Goods or that part thereof shall cease.

(5) If, at the place where the Carrier is entitled to call upon the Merchant to take delivery of the Goods under Clause 15, the Carrier is obliged to hand over the Goods into the custody of any custom, port or other authority, such hand-over shall constitute due delivery to the Merchant under this Bill of Lading.

(6) In the event of the Carrier agreeing, at the request of the Merchant, to any change of destination, the terms of this Bill of Lading shall continue to apply until the Goods are delivered by the Carrier to the Merchant at the amended Port of Discharge or Place of Delivery, whichever is applicable, unless the Carrier specifically agrees in writing to the contrary.

(7) The Merchant's attention is drawn to the stipulation concerning free storage time and demurrage contained in the Carrier's applicable Tariff.

17. BOTH-TO-BLAME COLLISION

If the Ship on which the Goods are carried (the carrying Ship) comes into collision with any other Ship or object (the non-carrying Ship or object) as a result of the negligence of the non-carrying Ship or object or the owner of, or charterer of or Person responsible for the non-carrying Ship or object and any act, neglect or default of the Master, Mariner, Pilot or the Servant of the Carrier in the navigation or in the management of the Ship, the Merchant shall, indemnify the Carrier against all loss or liability which might be incurred directly or indirectly to the other or non-carrying ship or her owners in so far as such loss or liability represents loss of, or damage to, his Goods or any claim whatsoever of the Merchant, paid or payable to the Merchant by the non-carrying Ship or object or the owner of, charterer of or Person responsible for the non-carrying Ship or object and set-off, recouped or recovered by such Ship, object or Person(s) against the Carrier, the carrying Ship or her owners or charterers.

18. GENERAL AVERAGE

(1) The Carrier may declare General Average which shall be adjustable at any port or place at the sole discretion and option of the Carrier and subject to sub-clause 18(2) in accordance with the York Antwerp Rules 1994 and the New Jason Clause as approved by BIMCO which shall be considered as incorporated herein and the Merchant shall provide such security as may be required by the Carrier in this connection.

(2) Notwithstanding sub-clause 18(1) above, the Merchant shall jointly and/or severally defend, indemnify and hold harmless the Carrier in respect of any claim (and any expenses arising therefrom) of a General Average nature which may be made on the Carrier and shall provide such security as may be required by the Carrier in this connection.

(3) The Carrier shall be under no obligation to take any steps, including the exercise of any lien, whatsoever to collect security for General Average contributions due to the Merchant.

19. CHARGES

(1) Charges shall be deemed fully earned on receipt of the Goods by the Carrier and shall be paid and non-refundable in any event.

(2) The Charges have been calculated on the basis of particulars furnished by or on behalf of the Merchant. The Carrier shall be entitled to production of the commercial invoice for the Goods or true copy thereof and to inspect reweigh, premeasure and revalue the Goods; if the particulars are found by the Carrier to be incorrect, the Merchant shall pay the Carrier the correct Charges (credit being given for the Charges already paid) and the costs incurred by the Carrier in establishing the correct particulars.

(3) All Charges shall be paid without any set off, counter-claim, deduction or stay or execution.

20. LIEN

The Carrier shall have a general and particular lien on the Goods and on documents relating thereto for all sums whatsoever due at any time to the Carrier from the Merchant and /or General average contributions to whomever due nature, including, but not limited to, Charges for amending co-operating, reporting, fumigating, devanning, restoring, storing or reconditioning and all expenses incurred for the benefit or protection of the Goods, and also for any payments, duties, fines or other expenses including but not limited to legal cost and expenses, due and for the costs of recovering the same and the Carrier shall have the right to sell the Goods and documents by public auction or private tender, without notice to the Merchant and at the Merchant's expense and without any liability towards the Merchant.

21. VARIATION OF THE CONTRACT

No servant or agent of the Carrier shall have power to waive or vary any of the terms hereof unless such waiver or variation is in writing and is specifically authorized or ratified in writing by a director or officer of the Carrier who has the actual authority of the Carrier so to waive or vary.

22. PARTIAL INVALIDITY

If any provision in this Bill of Lading is held to be invalid or unenforceable by any court or regulatory or self regulatory agency or body, such invalidity or unenforceability shall attach only to such provision. The validity of the remaining provisions shall not be affected hereby and this Bill of Lading shall be carried out as if such invalid or unenforceable provision were not contained herein.

23. LAW AND JURISDICTION

(1) GOVERNING LAW

The Contract of Carriage contains in or evidenced by this Bill of Lading shall be governed by and construed in accordance with the laws of the Taiwan, Republic of China.

(2) JURISDICTION

Any dispute arising out of, or in connection with the Contract of Carriage contained in or evidenced by this Bill of Lading shall refer to the exclusive jurisdiction of the Taiwan Taipei District Courts. However If the actual Carrier have other agreement, it shall be followed, and this exclusive jurisdiction shall be accepted.

Save as aforesaid, the Merchant shall not commence any action or legal proceedings (including but not limited to proceedings commenced for the purpose of obtaining security in respect of any claim).

(3) If notwithstanding the sub-clauses 23(1) and (2), any action or legal proceedings are commenced by or on behalf of the Merchant otherwise than before Taiwan Taipei District Courts, the Merchant jointly and/or severally, shall:

(A) indemnify the Carrier for whatsoever costs and expenses incurred by the Carrier in connection therewith including but without prejudice to the generality of the foregoing;

(B) indemnify the Carrier in regard of all guarantee, bail bond and interest Charges incurred by or on behalf of the Carrier in connection with the provision of security in respect of any claim; and

(C) whatsoever legal costs incurred by or on behalf of the Carrier.
